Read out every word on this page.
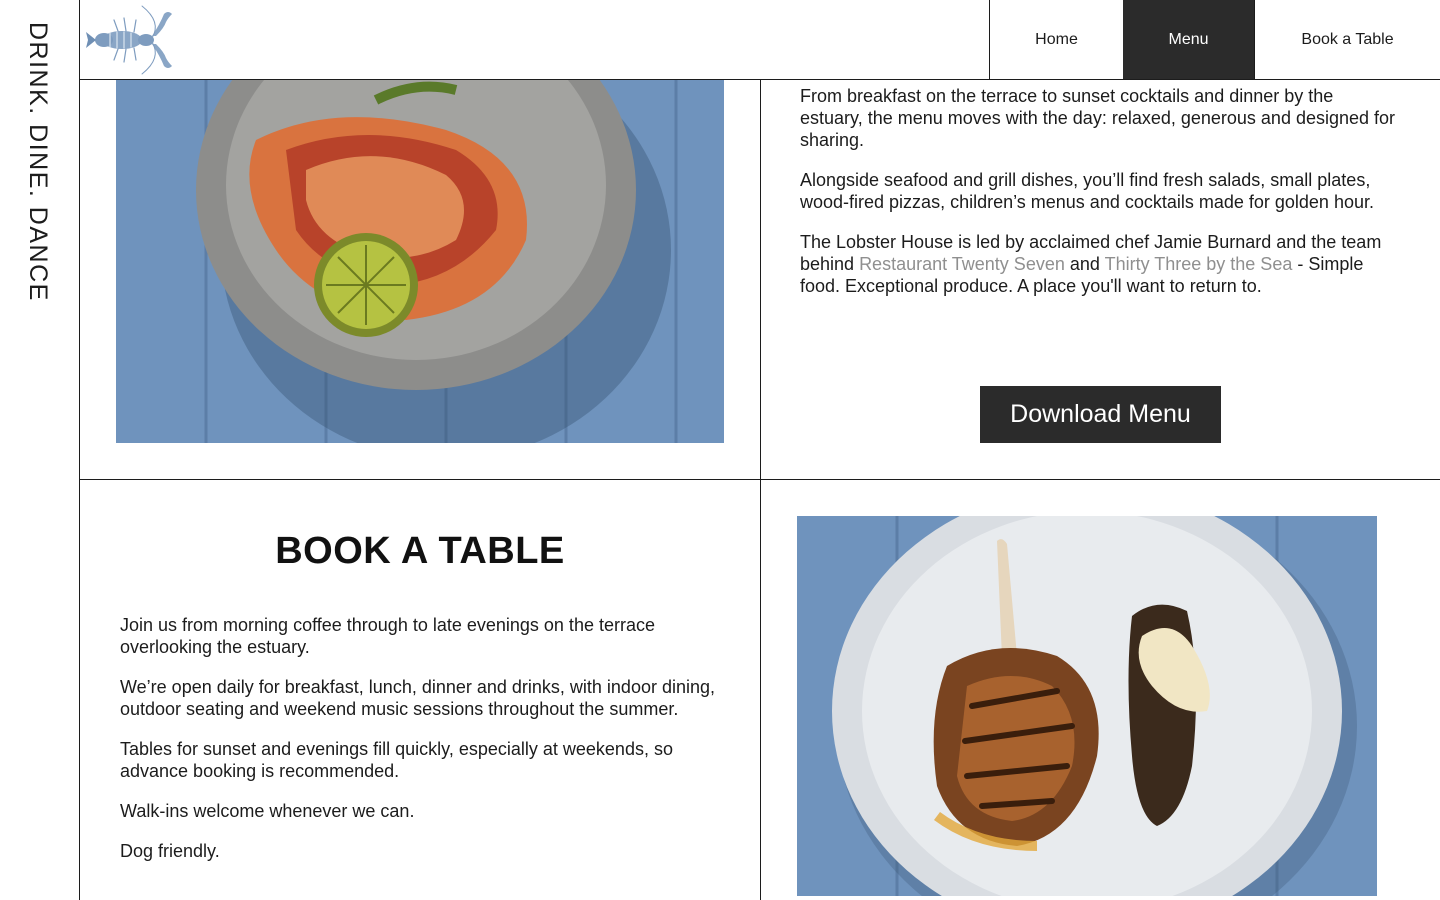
DRINK. DINE. DANCE	Home	Menu	Book a Table

From breakfast on the terrace to sunset cocktails and dinner by the estuary, the menu moves with the day: relaxed, generous and designed for sharing.

Alongside seafood and grill dishes, you’ll find fresh salads, small plates, wood-fired pizzas, children’s menus and cocktails made for golden hour.

The Lobster House is led by acclaimed chef Jamie Burnard and the team behind Restaurant Twenty Seven and Thirty Three by the Sea - Simple food. Exceptional produce. A place you'll want to return to.

Download Menu
BOOK A TABLE

Join us from morning coffee through to late evenings on the terrace overlooking the estuary.

We’re open daily for breakfast, lunch, dinner and drinks, with indoor dining, outdoor seating and weekend music sessions throughout the summer.

Tables for sunset and evenings fill quickly, especially at weekends, so advance booking is recommended.

Walk-ins welcome whenever we can.

Dog friendly.
